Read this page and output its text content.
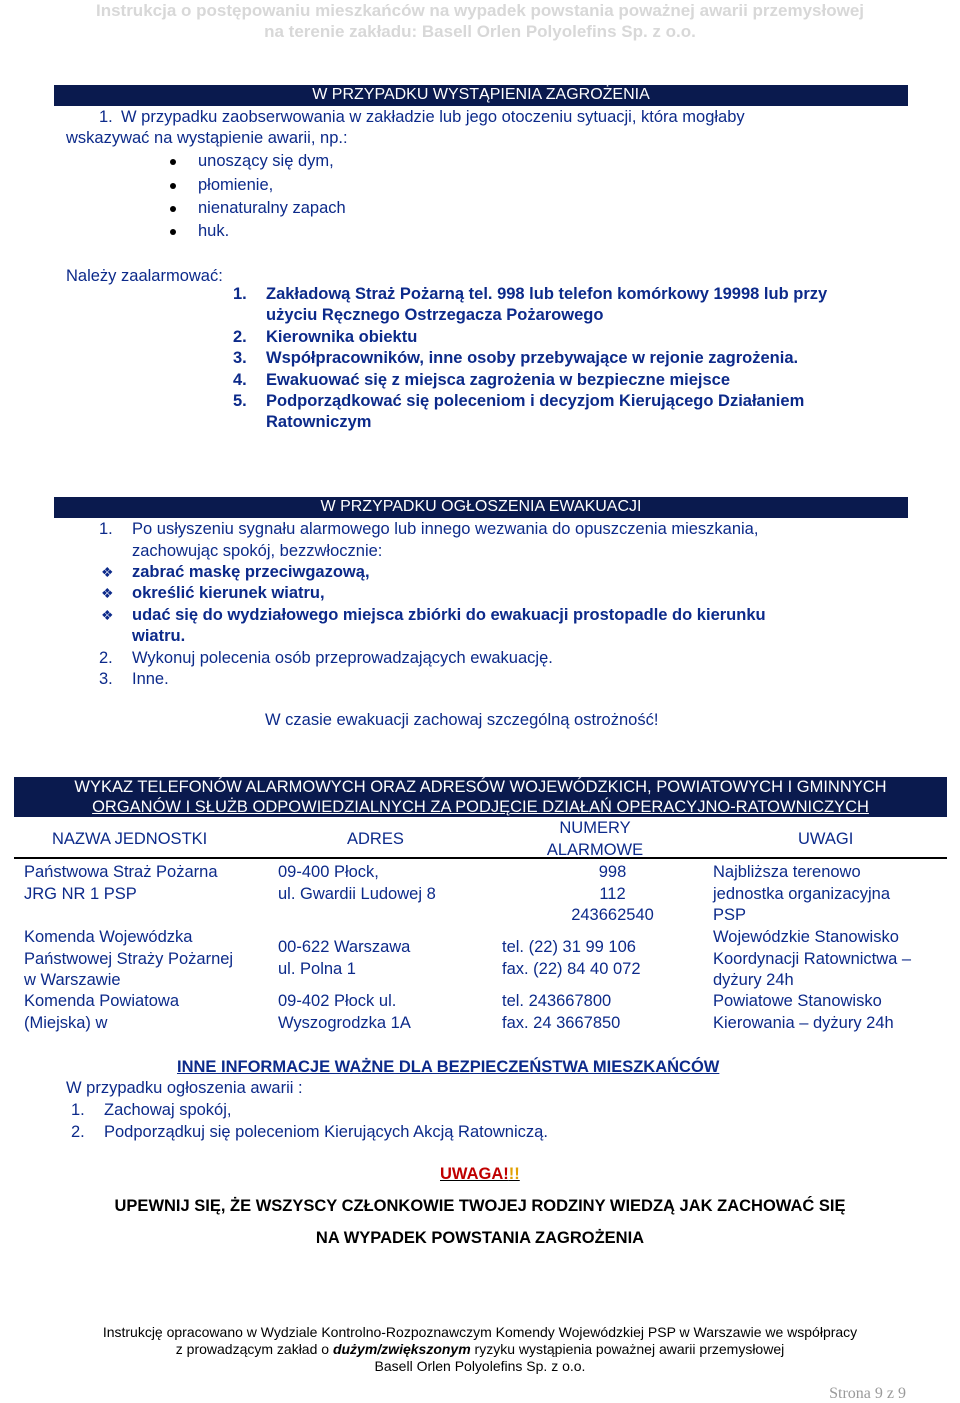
Instrukcja o postępowaniu mieszkańców na wypadek powstania poważnej awarii przemysłowej
na terenie zakładu: Basell Orlen Polyolefins Sp. z o.o.
W PRZYPADKU WYSTĄPIENIA ZAGROŻENIA
1. W przypadku zaobserwowania w zakładzie lub jego otoczeniu sytuacji, która mogłaby
wskazywać na wystąpienie awarii, np.:
unoszący się dym,
płomienie,
nienaturalny zapach
huk.
Należy zaalarmować:
1. Zakładową Straż Pożarną tel. 998 lub telefon komórkowy 19998 lub przy
użyciu Ręcznego Ostrzegacza Pożarowego
2. Kierownika obiektu
3. Współpracowników, inne osoby przebywające w rejonie zagrożenia.
4. Ewakuować się z miejsca zagrożenia w bezpieczne miejsce
5. Podporządkować się poleceniom i decyzjom Kierującego Działaniem
Ratowniczym
W PRZYPADKU OGŁOSZENIA EWAKUACJI
1. Po usłyszeniu sygnału alarmowego lub innego wezwania do opuszczenia mieszkania,
zachowując spokój, bezzwłocznie:
❖ zabrać maskę przeciwgazową,
❖ określić kierunek wiatru,
❖ udać się do wydziałowego miejsca zbiórki do ewakuacji prostopadle do kierunku
wiatru.
2. Wykonuj polecenia osób przeprowadzających ewakuację.
3. Inne.
W czasie ewakuacji zachowaj szczególną ostrożność!
WYKAZ TELEFONÓW ALARMOWYCH ORAZ ADRESÓW WOJEWÓDZKICH, POWIATOWYCH I GMINNYCH
ORGANÓW I SŁUŻB ODPOWIEDZIALNYCH ZA PODJĘCIE DZIAŁAŃ OPERACYJNO-RATOWNICZYCH
NAZWA JEDNOSTKI	ADRES
NUMERY
ALARMOWE
UWAGI
Państwowa Straż Pożarna
JRG NR 1 PSP
09-400 Płock,
ul. Gwardii Ludowej 8
998
112
243662540
Najbliższa terenowo
jednostka organizacyjna
PSP
Komenda Wojewódzka
Państwowej Straży Pożarnej
w Warszawie
00-622 Warszawa
ul. Polna 1
tel. (22) 31 99 106
fax. (22) 84 40 072
Wojewódzkie Stanowisko
Koordynacji Ratownictwa –
dyżury 24h
Komenda Powiatowa
(Miejska) w
09-402 Płock ul.
Wyszogrodzka 1A
tel. 243667800
fax. 24 3667850
Powiatowe Stanowisko
Kierowania – dyżury 24h
INNE INFORMACJE WAŻNE DLA BEZPIECZEŃSTWA MIESZKAŃCÓW
W przypadku ogłoszenia awarii :
1. Zachowaj spokój,
2. Podporządkuj się poleceniom Kierujących Akcją Ratowniczą.
UWAGA!!!
UPEWNIJ SIĘ, ŻE WSZYSCY CZŁONKOWIE TWOJEJ RODZINY WIEDZĄ JAK ZACHOWAĆ SIĘ
NA WYPADEK POWSTANIA ZAGROŻENIA
Instrukcję opracowano w Wydziale Kontrolno-Rozpoznawczym Komendy Wojewódzkiej PSP w Warszawie we współpracy
z prowadzącym zakład o dużym/zwiększonym ryzyku wystąpienia poważnej awarii przemysłowej
Basell Orlen Polyolefins Sp. z o.o.
Strona 9 z 9
